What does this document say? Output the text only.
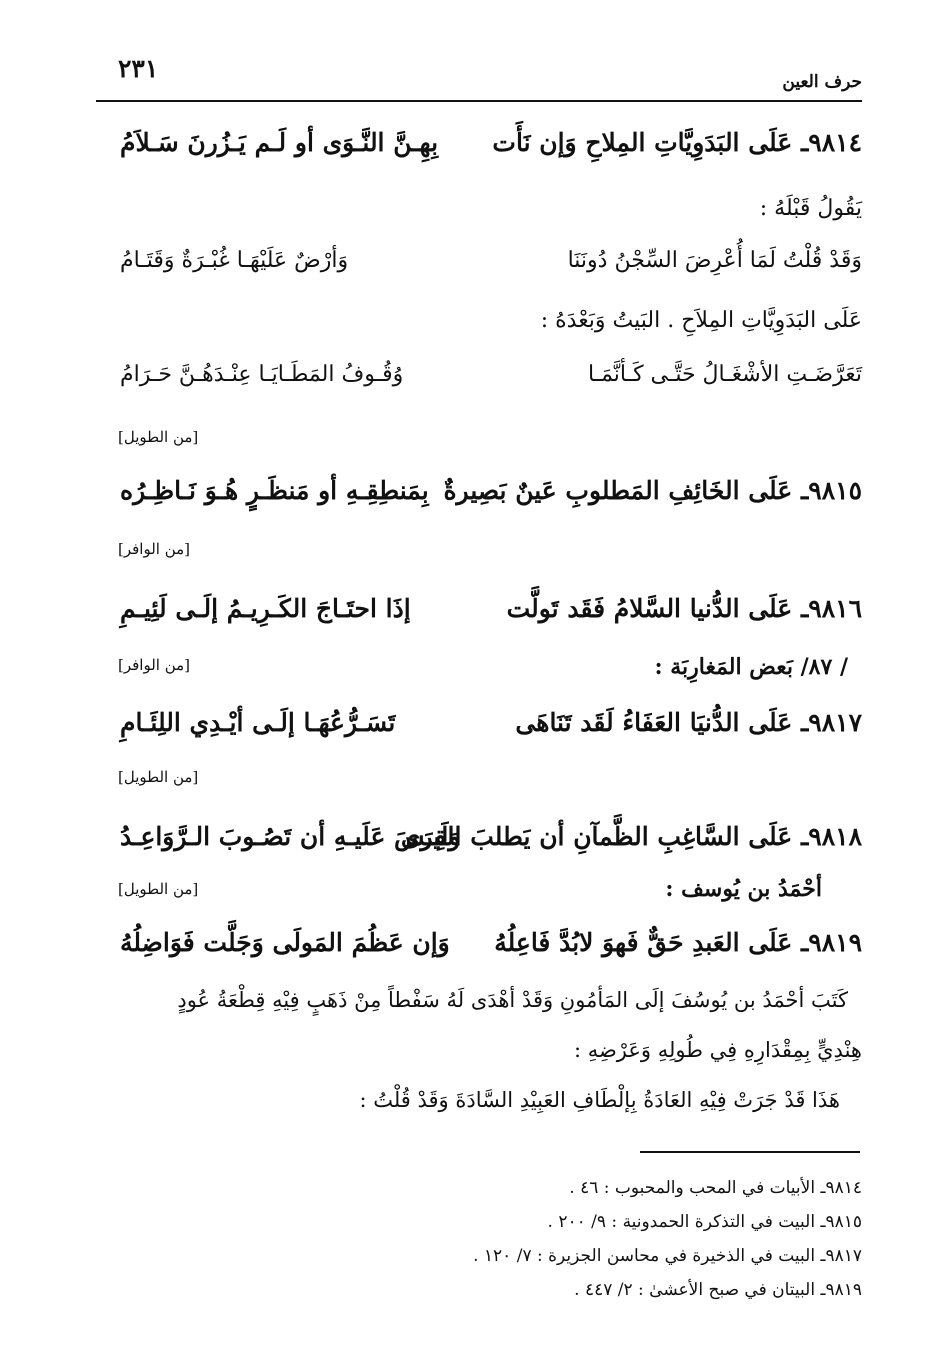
حرف العين
٢٣١
٩٨١٤ـ عَلَى البَدَوِيَّاتِ المِلاحِ وَإن نَأَت
بِهِـنَّ النَّـوَى أو لَـم يَـزُرنَ سَـلاَمُ
يَقُولُ قَبْلَهُ :
وَقَدْ قُلْتُ لَمَا أُعْرِضَ السِّجْنُ دُونَنَا
وَأرْضٌ عَلَيْهَـا غُبْـرَةٌ وَقَتَـامُ
عَلَى البَدَوِيَّاتِ المِلاَحِ . البَيتُ وَبَعْدَهُ :
تَعَرَّضَـتِ الأشْغَـالُ حَتَّـى كَـأنَّمَـا
وُقُـوفُ المَطَـايَـا عِنْـدَهُـنَّ حَـرَامُ
[من الطويل]
٩٨١٥ـ عَلَى الخَائِفِ المَطلوبِ عَينٌ بَصِيرةٌ
بِمَنطِقِـهِ أو مَنظَـرٍ هُـوَ نَـاظِـرُه
[من الوافر]
٩٨١٦ـ عَلَى الدُّنيا السَّلامُ فَقَد تَولَّت
إذَا احتَـاجَ الكَـرِيـمُ إلَـى لَئِيـمِ
[من الوافر]	/ ٨٧/ بَعض المَغارِبَة :
٩٨١٧ـ عَلَى الدُّنيَا العَفَاءُ لَقَد تَنَاهَى
تَسَـرُّعُهَـا إلَـى أيْـدِي اللِئَـامِ
[من الطويل]
٩٨١٨ـ عَلَى السَّاغِبِ الظَّمآنِ أن يَطلبَ القِرَى
وَلَيـسَ عَلَيـهِ أن تَصُـوبَ الـرَّوَاعِـدُ
[من الطويل]	أحْمَدُ بن يُوسف :
٩٨١٩ـ عَلَى العَبدِ حَقٌّ فَهوَ لابُدَّ فَاعِلُهُ
وَإن عَظُمَ المَولَى وَجَلَّت فَوَاضِلُهُ
كَتَبَ أحْمَدُ بن يُوسُفَ إلَى المَأمُونِ وَقَدْ أهْدَى لَهُ سَفْطاً مِنْ ذَهَبٍ فِيْهِ قِطْعَةُ عُودٍ
هِنْدِيٍّ بِمِقْدَارِهِ فِي طُولِهِ وَعَرْضِهِ :
هَذَا قَدْ جَرَتْ فِيْهِ العَادَةُ بِإلْطَافِ العَبِيْدِ السَّادَةَ وَقَدْ قُلْتُ :
٩٨١٤ـ الأبيات في المحب والمحبوب : ٤٦ .
٩٨١٥ـ البيت في التذكرة الحمدونية : ٩/ ٢٠٠ .
٩٨١٧ـ البيت في الذخيرة في محاسن الجزيرة : ٧/ ١٢٠ .
٩٨١٩ـ البيتان في صبح الأعشىٰ : ٢/ ٤٤٧ .
